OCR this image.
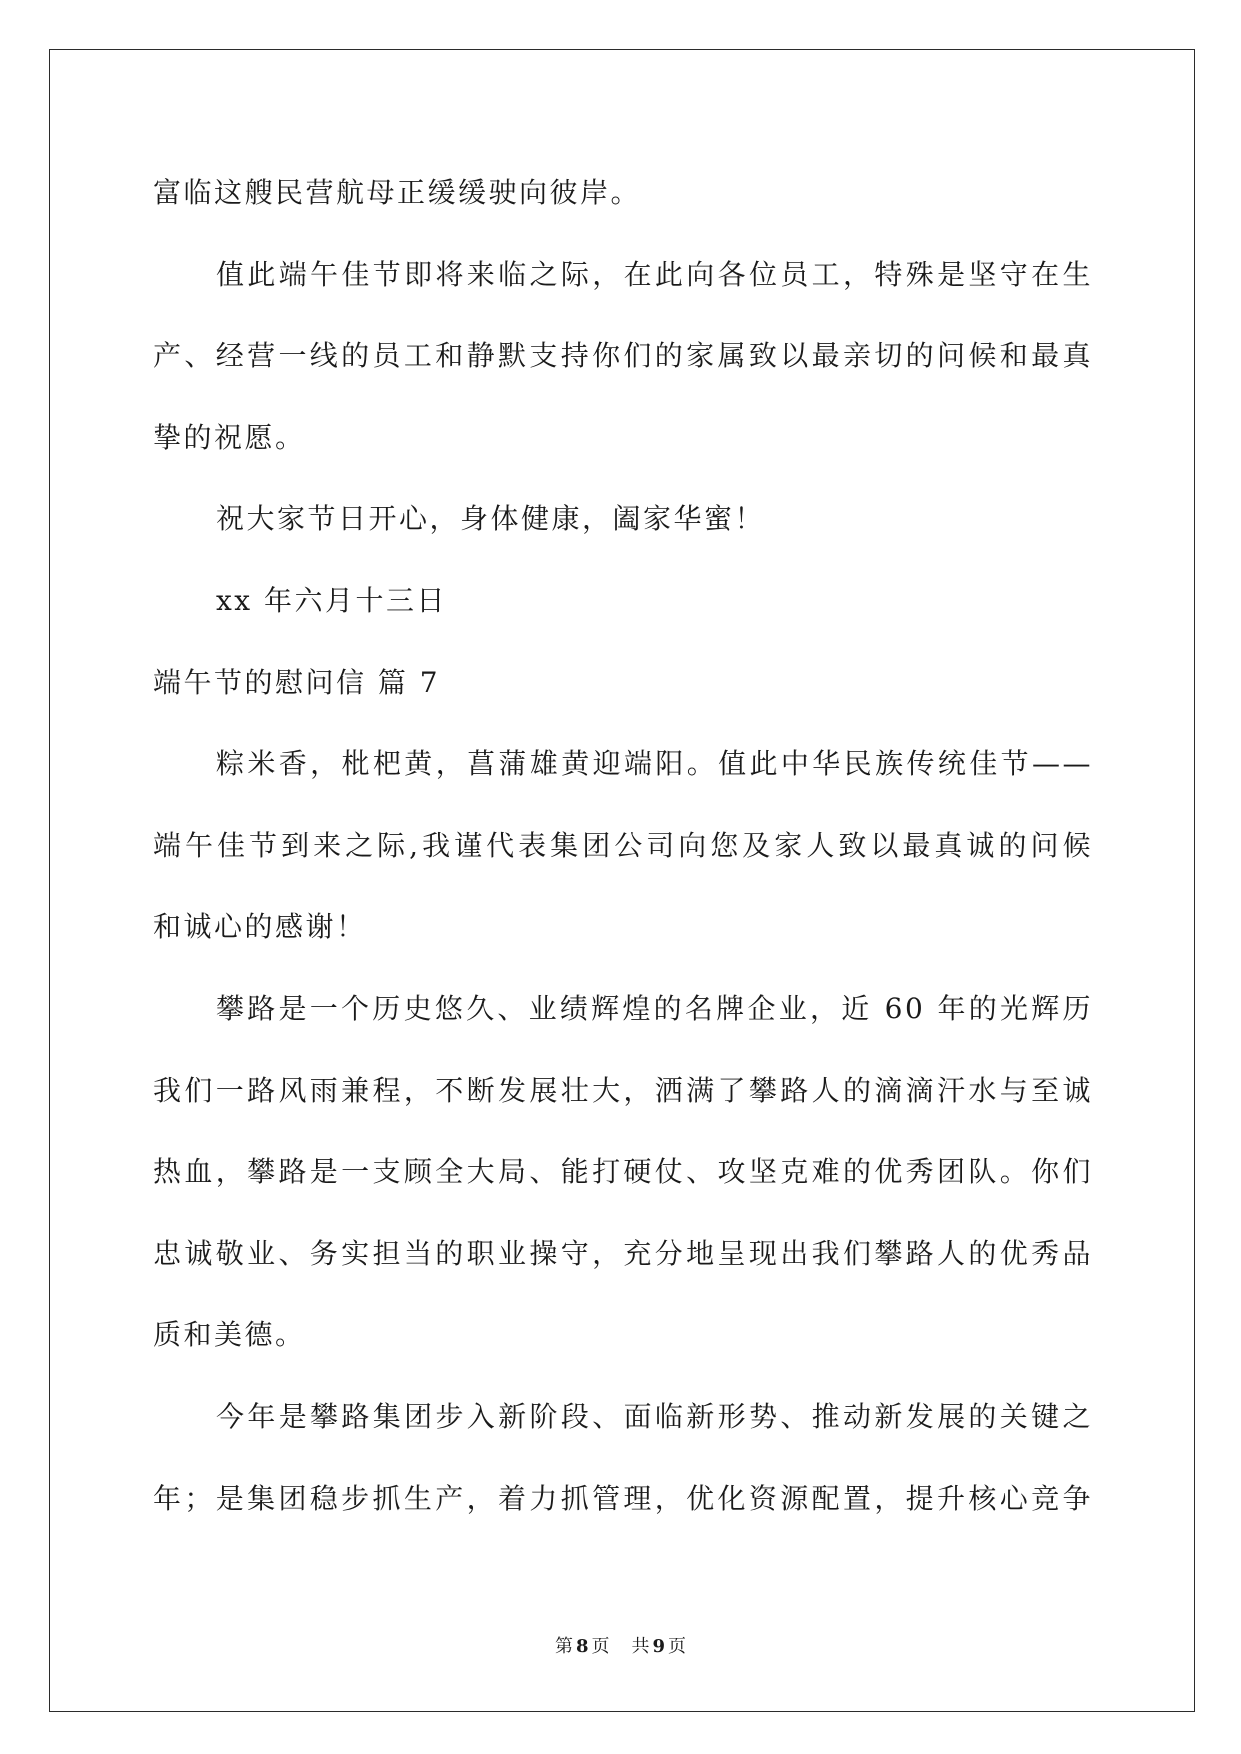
富临这艘民营航母正缓缓驶向彼岸。
值此端午佳节即将来临之际，在此向各位员工，特殊是坚守在生
产、经营一线的员工和静默支持你们的家属致以最亲切的问候和最真
挚的祝愿。
祝大家节日开心，身体健康，阖家华蜜！
xx 年六月十三日
端午节的慰问信 篇 7
粽米香，枇杷黄，菖蒲雄黄迎端阳。值此中华民族传统佳节——
端午佳节到来之际,我谨代表集团公司向您及家人致以最真诚的问候
和诚心的感谢！
攀路是一个历史悠久、业绩辉煌的名牌企业，近 60 年的光辉历
我们一路风雨兼程，不断发展壮大，洒满了攀路人的滴滴汗水与至诚
热血，攀路是一支顾全大局、能打硬仗、攻坚克难的优秀团队。你们
忠诚敬业、务实担当的职业操守，充分地呈现出我们攀路人的优秀品
质和美德。
今年是攀路集团步入新阶段、面临新形势、推动新发展的关键之
年；是集团稳步抓生产，着力抓管理，优化资源配置，提升核心竞争
第 8 页 共 9 页
